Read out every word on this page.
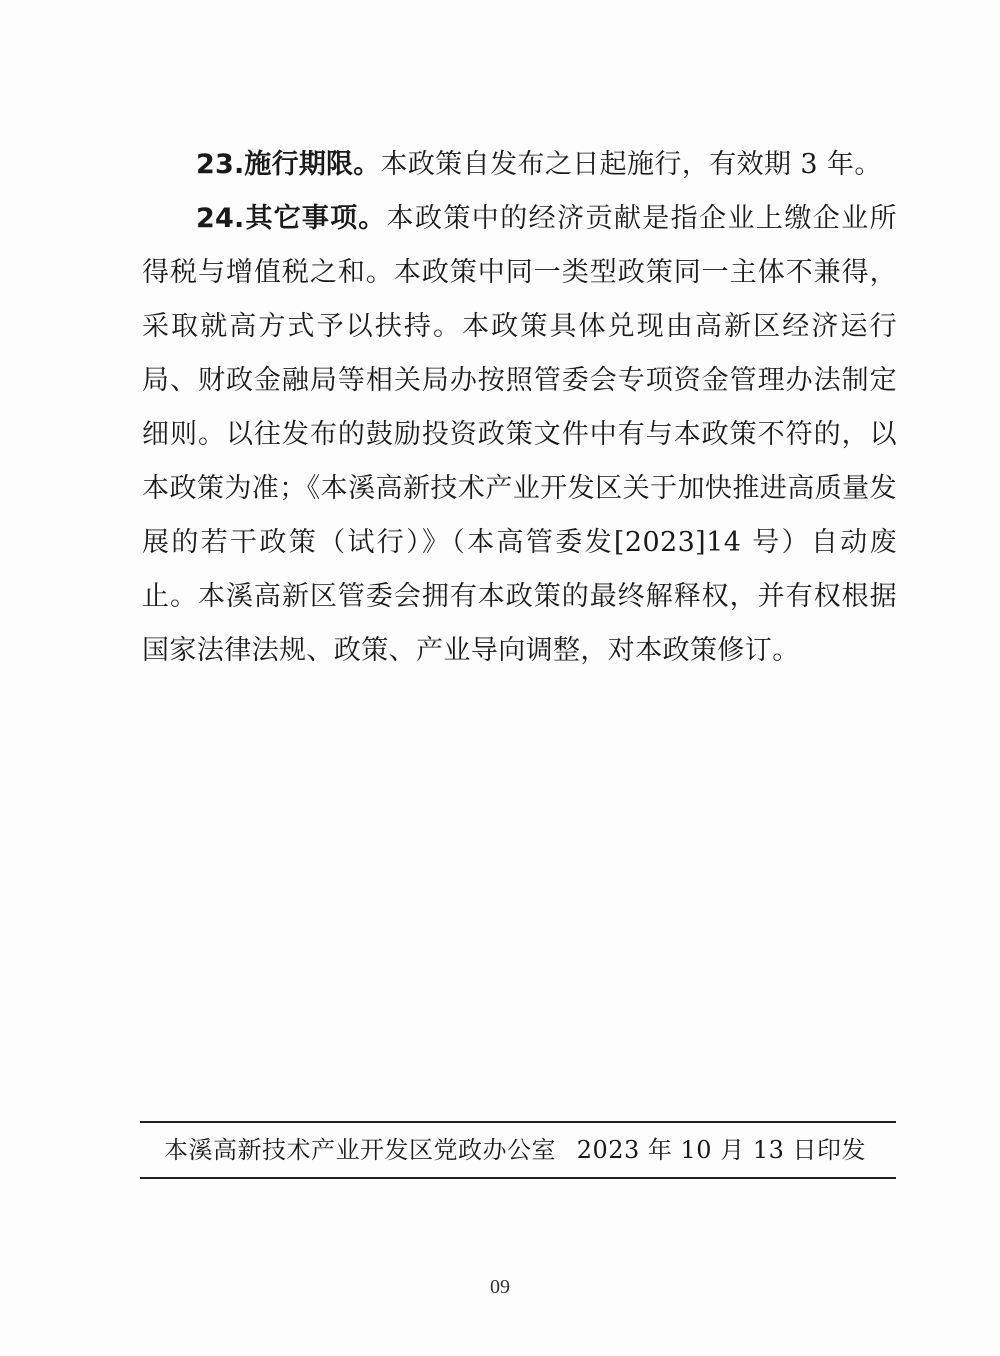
23.施行期限。本政策自发布之日起施行，有效期 3 年。

24.其它事项。本政策中的经济贡献是指企业上缴企业所得税与增值税之和。本政策中同一类型政策同一主体不兼得，采取就高方式予以扶持。本政策具体兑现由高新区经济运行局、财政金融局等相关局办按照管委会专项资金管理办法制定细则。以往发布的鼓励投资政策文件中有与本政策不符的，以本政策为准；《本溪高新技术产业开发区关于加快推进高质量发展的若干政策（试行）》（本高管委发[2023]14 号）自动废止。本溪高新区管委会拥有本政策的最终解释权，并有权根据国家法律法规、政策、产业导向调整，对本政策修订。

本溪高新技术产业开发区党政办公室 2023 年 10 月 13 日印发
09
